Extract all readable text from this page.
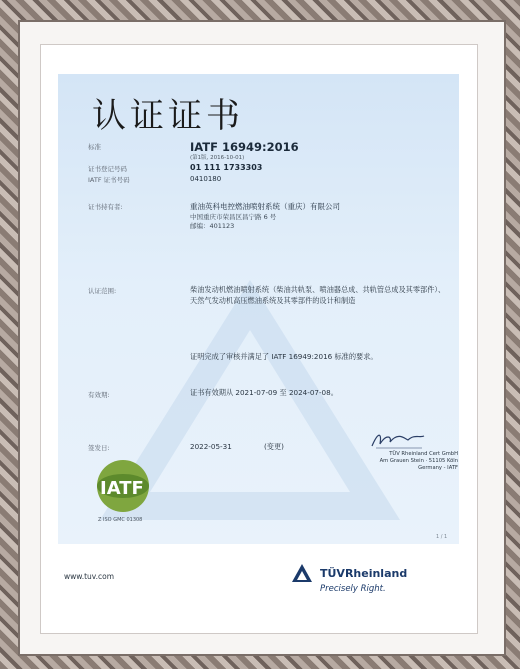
认证证书
标准	IATF 16949:2016
(第1版, 2016-10-01)
证书登记号码	01 111 1733303
IATF 证书号码	0410180
证书持有者:	重油英科电控燃油喷射系统（重庆）有限公司
中国重庆市荣昌区昌宁路 6 号
邮编：401123
认证范围:	柴油发动机燃油喷射系统（柴油共轨泵、喷油器总成、共轨管总成及其零部件）、天然气发动机高压燃油系统及其零部件的设计和制造
证明完成了审核并满足了 IATF 16949:2016 标准的要求。
有效期:	证书有效期从 2021-07-09 至 2024-07-08。
签发日:	2022-05-31	(变更)
TÜV Rheinland Cert GmbH
Am Grauen Stein · 51105 Köln
Germany - IATF
IATF
Z ISO GMC 01308
1 / 1
www.tuv.com	TÜVRheinland
Precisely Right.
